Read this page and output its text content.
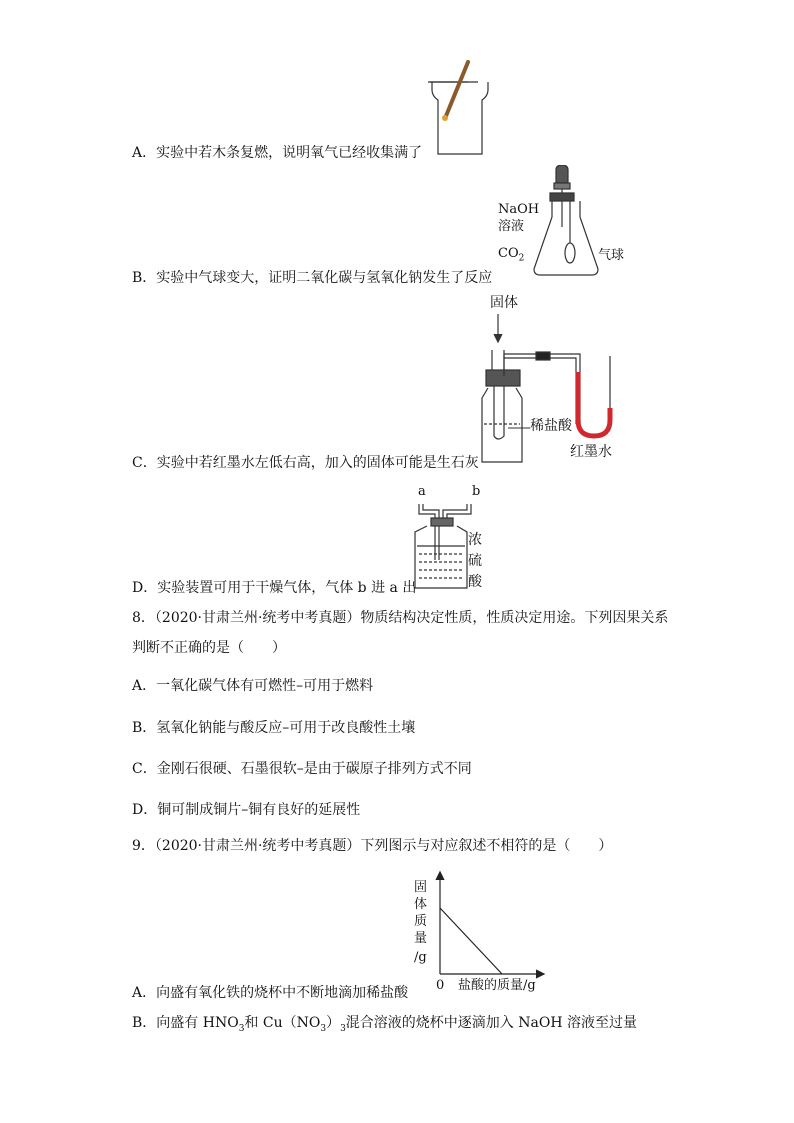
A．实验中若木条复燃，说明氧气已经收集满了
NaOH
溶液
$CO_2$	气球
B．实验中气球变大，证明二氧化碳与氢氧化钠发生了反应
固体
稀盐酸
红墨水
C．实验中若红墨水左低右高，加入的固体可能是生石灰
a	b
浓
硫
酸
D．实验装置可用于干燥气体，气体 b 进 a 出
8．（2020·甘肃兰州·统考中考真题）物质结构决定性质，性质决定用途。下列因果关系
判断不正确的是（　　）
A．一氧化碳气体有可燃性–可用于燃料
B．氢氧化钠能与酸反应–可用于改良酸性土壤
C．金刚石很硬、石墨很软–是由于碳原子排列方式不同
D．铜可制成铜片–铜有良好的延展性
9．（2020·甘肃兰州·统考中考真题）下列图示与对应叙述不相符的是（　　）
固
体
质
量
/g
0 盐酸的质量/g
A．向盛有氧化铁的烧杯中不断地滴加稀盐酸
B．向盛有 $HNO_3$和 $Cu(NO_3)_3$混合溶液的烧杯中逐滴加入 NaOH 溶液至过量
